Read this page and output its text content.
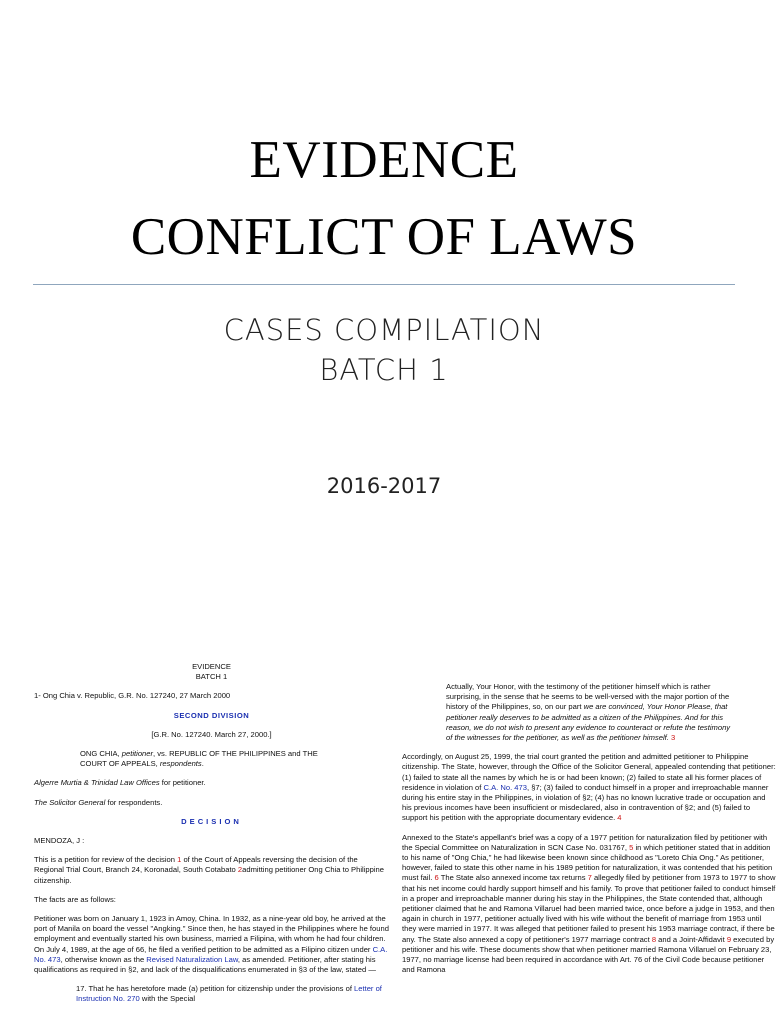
EVIDENCE
CONFLICT OF LAWS
CASES COMPILATION
BATCH 1
2016-2017

EVIDENCE

BATCH 1

1- Ong Chia v. Republic, G.R. No. 127240, 27 March 2000

SECOND DIVISION

[G.R. No. 127240. March 27, 2000.]

ONG CHIA, petitioner, vs. REPUBLIC OF THE PHILIPPINES and THE COURT OF APPEALS, respondents.

Algerre Murtia & Trinidad Law Offices for petitioner.

The Solicitor General for respondents.

DECISION

MENDOZA, J :

This is a petition for review of the decision 1 of the Court of Appeals reversing the decision of the Regional Trial Court, Branch 24, Koronadal, South Cotabato 2admitting petitioner Ong Chia to Philippine citizenship.

The facts are as follows:

Petitioner was born on January 1, 1923 in Amoy, China. In 1932, as a nine-year old boy, he arrived at the port of Manila on board the vessel "Angking." Since then, he has stayed in the Philippines where he found employment and eventually started his own business, married a Filipina, with whom he had four children. On July 4, 1989, at the age of 66, he filed a verified petition to be admitted as a Filipino citizen under C.A. No. 473, otherwise known as the Revised Naturalization Law, as amended. Petitioner, after stating his qualifications as required in §2, and lack of the disqualifications enumerated in §3 of the law, stated —

17. That he has heretofore made (a) petition for citizenship under the provisions of Letter of Instruction No. 270 with the Special

Actually, Your Honor, with the testimony of the petitioner himself which is rather surprising, in the sense that he seems to be well-versed with the major portion of the history of the Philippines, so, on our part we are convinced, Your Honor Please, that petitioner really deserves to be admitted as a citizen of the Philippines. And for this reason, we do not wish to present any evidence to counteract or refute the testimony of the witnesses for the petitioner, as well as the petitioner himself. 3

Accordingly, on August 25, 1999, the trial court granted the petition and admitted petitioner to Philippine citizenship. The State, however, through the Office of the Solicitor General, appealed contending that petitioner: (1) failed to state all the names by which he is or had been known; (2) failed to state all his former places of residence in violation of C.A. No. 473, §7; (3) failed to conduct himself in a proper and irreproachable manner during his entire stay in the Philippines, in violation of §2; (4) has no known lucrative trade or occupation and his previous incomes have been insufficient or misdeclared, also in contravention of §2; and (5) failed to support his petition with the appropriate documentary evidence. 4

Annexed to the State's appellant's brief was a copy of a 1977 petition for naturalization filed by petitioner with the Special Committee on Naturalization in SCN Case No. 031767, 5 in which petitioner stated that in addition to his name of "Ong Chia," he had likewise been known since childhood as "Loreto Chia Ong." As petitioner, however, failed to state this other name in his 1989 petition for naturalization, it was contended that his petition must fail. 6 The State also annexed income tax returns 7 allegedly filed by petitioner from 1973 to 1977 to show that his net income could hardly support himself and his family. To prove that petitioner failed to conduct himself in a proper and irreproachable manner during his stay in the Philippines, the State contended that, although petitioner claimed that he and Ramona Villaruel had been married twice, once before a judge in 1953, and then again in church in 1977, petitioner actually lived with his wife without the benefit of marriage from 1953 until they were married in 1977. It was alleged that petitioner failed to present his 1953 marriage contract, if there be any. The State also annexed a copy of petitioner's 1977 marriage contract 8 and a Joint-Affidavit 9 executed by petitioner and his wife. These documents show that when petitioner married Ramona Villaruel on February 23, 1977, no marriage license had been required in accordance with Art. 76 of the Civil Code because petitioner and Ramona
